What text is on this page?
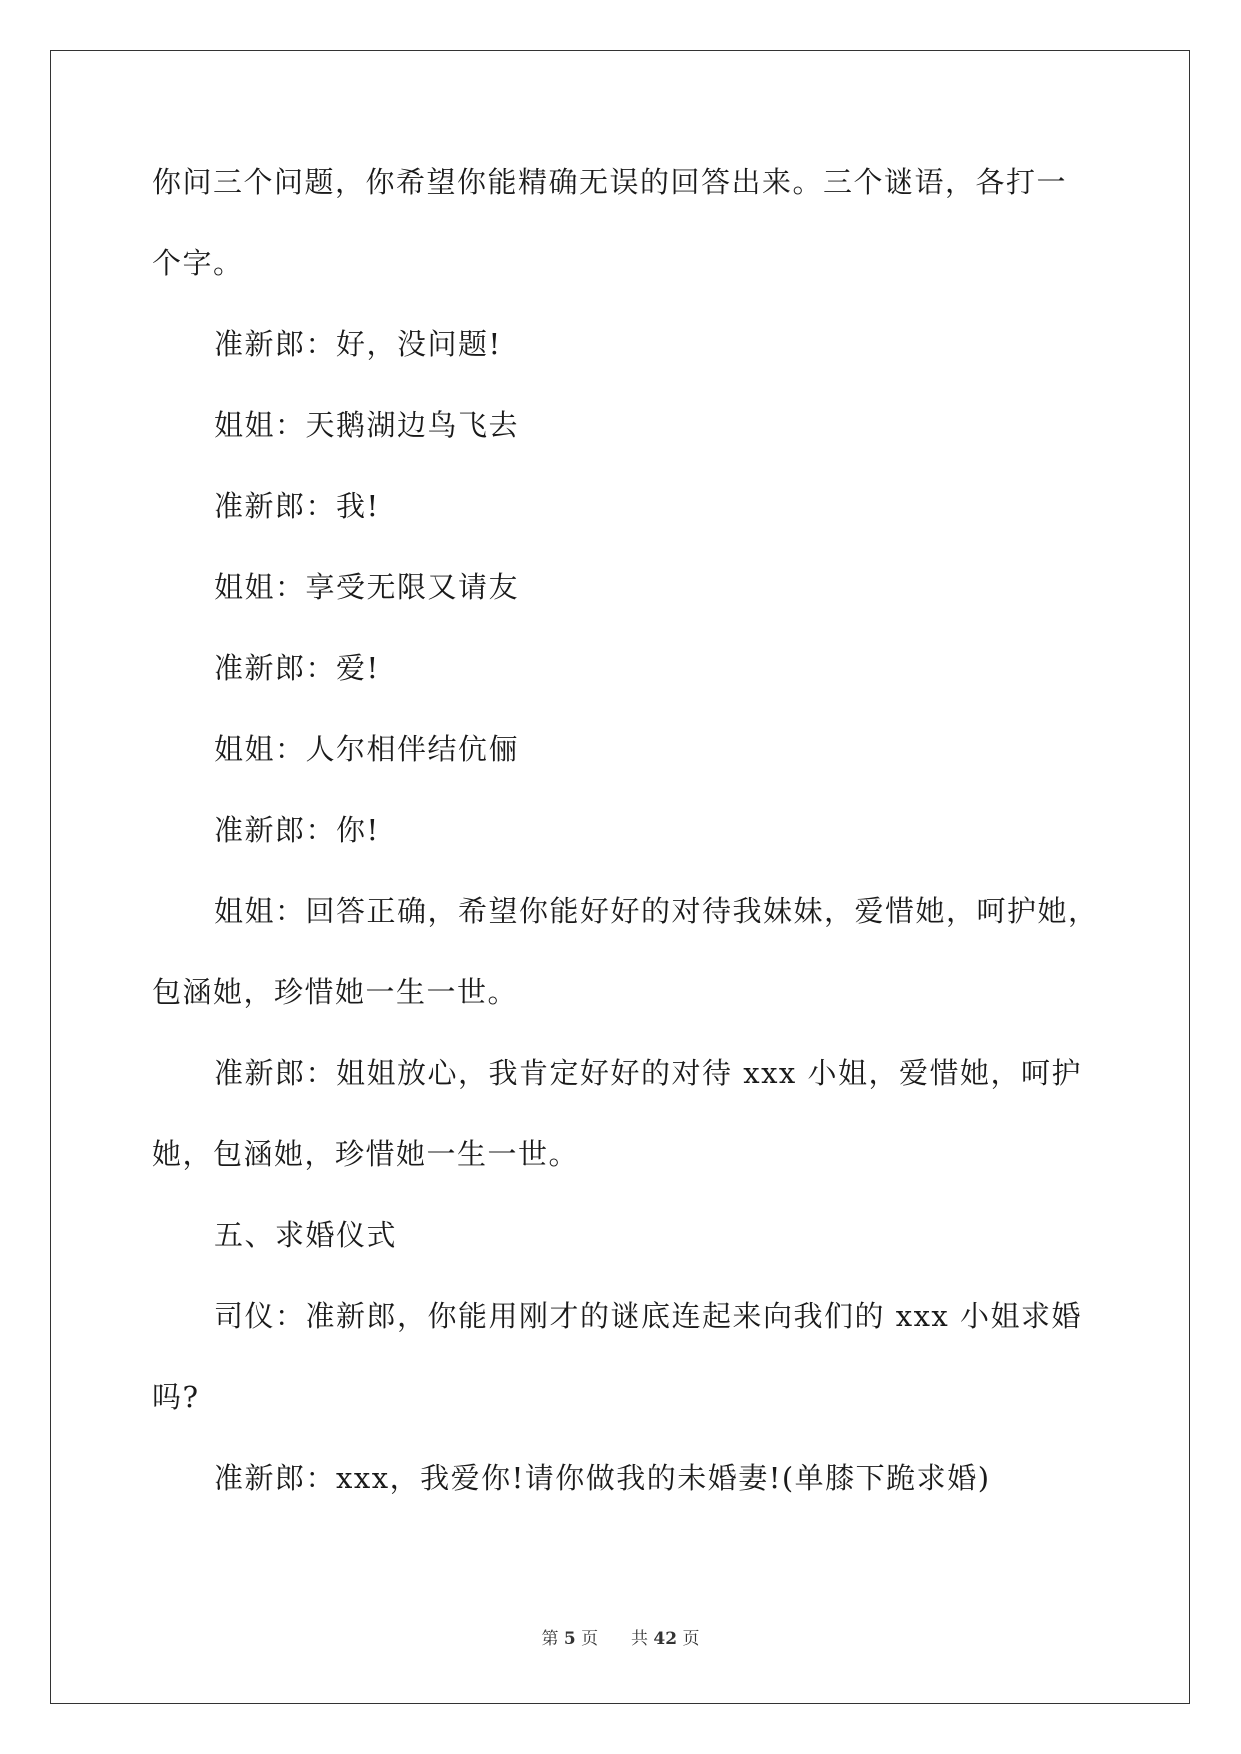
你问三个问题，你希望你能精确无误的回答出来。三个谜语，各打一
个字。
准新郎：好，没问题!
姐姐：天鹅湖边鸟飞去
准新郎：我!
姐姐：享受无限又请友
准新郎：爱!
姐姐：人尔相伴结伉俪
准新郎：你!
姐姐：回答正确，希望你能好好的对待我妹妹，爱惜她，呵护她，
包涵她，珍惜她一生一世。
准新郎：姐姐放心，我肯定好好的对待 xxx 小姐，爱惜她，呵护
她，包涵她，珍惜她一生一世。
五、求婚仪式
司仪：准新郎，你能用刚才的谜底连起来向我们的 xxx 小姐求婚
吗?
准新郎：xxx，我爱你!请你做我的未婚妻!(单膝下跪求婚)
第 5 页 共 42 页
